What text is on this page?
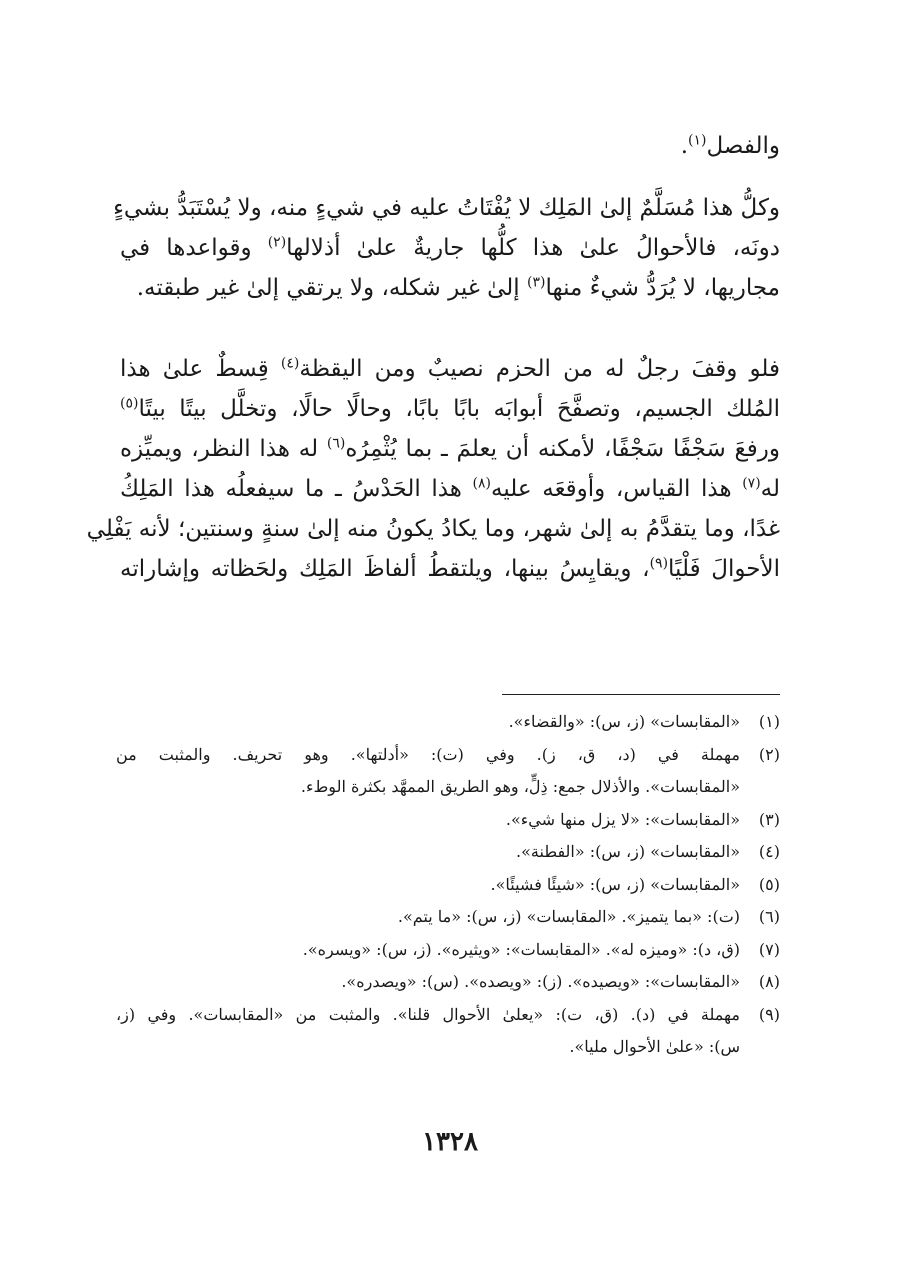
والفصل$^{(١)}$.
وكلُّ هذا مُسَلَّمٌ إلىٰ المَلِك لا يُفْتَاتُ عليه في شيءٍ منه، ولا يُسْتَبَدُّ بشيءٍ
دونَه، فالأحوالُ علىٰ هذا كلُّها جاريةٌ علىٰ أذلالها$^{(٢)}$ وقواعدها في
مجاريها، لا يُرَدُّ شيءٌ منها$^{(٣)}$ إلىٰ غير شكله، ولا يرتقي إلىٰ غير طبقته.
فلو وقفَ رجلٌ له من الحزم نصيبٌ ومن اليقظة$^{(٤)}$ قِسطٌ علىٰ هذا
المُلك الجسيم، وتصفَّحَ أبوابَه بابًا بابًا، وحالًا حالًا، وتخلَّل بيتًا بيتًا$^{(٥)}$
ورفعَ سَجْفًا سَجْفًا، لأمكنه أن يعلمَ ـ بما يُثْمِرُه$^{(٦)}$ له هذا النظر، ويميِّزه
له$^{(٧)}$ هذا القياس، وأوقعَه عليه$^{(٨)}$ هذا الحَدْسُ ـ ما سيفعلُه هذا المَلِكُ
غدًا، وما يتقدَّمُ به إلىٰ شهر، وما يكادُ يكونُ منه إلىٰ سنةٍ وسنتين؛ لأنه يَفْلِي
الأحوالَ فَلْيًا$^{(٩)}$، ويقايِسُ بينها، ويلتقطُ ألفاظَ المَلِك ولحَظاته وإشاراته
(١)
«المقابسات» (ز، س): «والقضاء».
(٢)
مهملة في (د، ق، ز). وفي (ت): «أدلتها». وهو تحريف. والمثبت من
«المقابسات». والأذلال جمع: ذِلٍّ، وهو الطريق الممهَّد بكثرة الوطء.
(٣)
«المقابسات»: «لا يزل منها شيء».
(٤)
«المقابسات» (ز، س): «الفطنة».
(٥)
«المقابسات» (ز، س): «شيئًا فشيئًا».
(٦)
(ت): «بما يتميز». «المقابسات» (ز، س): «ما يتم».
(٧)
(ق، د): «وميزه له». «المقابسات»: «ويثيره». (ز، س): «ويسره».
(٨)
«المقابسات»: «ويصيده». (ز): «ويصده». (س): «ويصدره».
(٩)
مهملة في (د). (ق، ت): «يعلىٰ الأحوال قلنا». والمثبت من «المقابسات». وفي (ز،
س): «علىٰ الأحوال مليا».
١٣٢٨
